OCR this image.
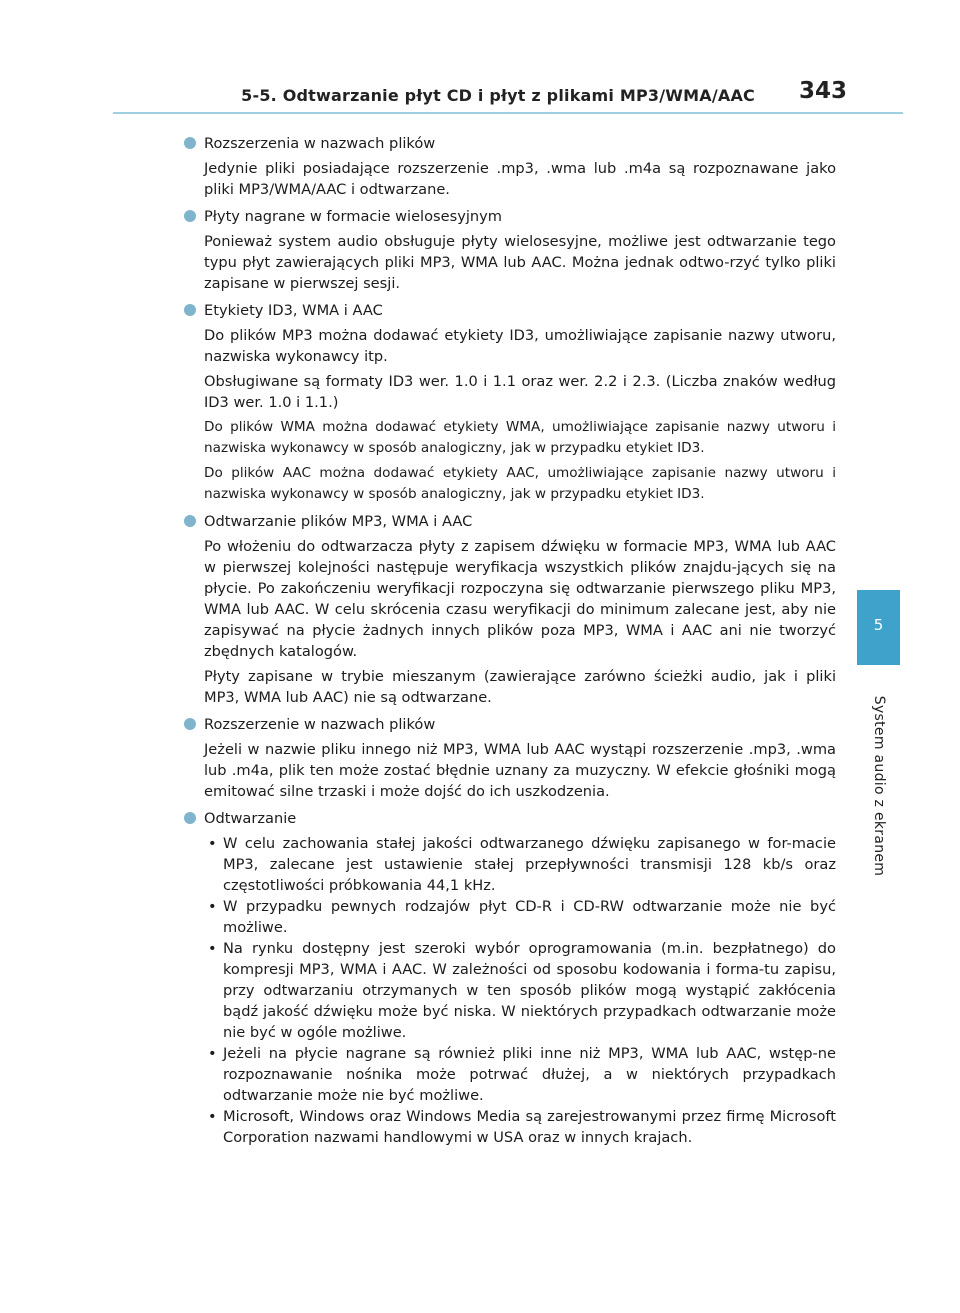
5-5. Odtwarzanie płyt CD i płyt z plikami MP3/WMA/AAC 343
5
System audio z ekranem

Rozszerzenia w nazwach plików

Jedynie pliki posiadające rozszerzenie .mp3, .wma lub .m4a są rozpoznawane jako pliki MP3/WMA/AAC i odtwarzane.

Płyty nagrane w formacie wielosesyjnym

Ponieważ system audio obsługuje płyty wielosesyjne, możliwe jest odtwarzanie tego typu płyt zawierających pliki MP3, WMA lub AAC. Można jednak odtwo-rzyć tylko pliki zapisane w pierwszej sesji.

Etykiety ID3, WMA i AAC

Do plików MP3 można dodawać etykiety ID3, umożliwiające zapisanie nazwy utworu, nazwiska wykonawcy itp.

Obsługiwane są formaty ID3 wer. 1.0 i 1.1 oraz wer. 2.2 i 2.3. (Liczba znaków według ID3 wer. 1.0 i 1.1.)

Do plików WMA można dodawać etykiety WMA, umożliwiające zapisanie nazwy utworu i nazwiska wykonawcy w sposób analogiczny, jak w przypadku etykiet ID3.

Do plików AAC można dodawać etykiety AAC, umożliwiające zapisanie nazwy utworu i nazwiska wykonawcy w sposób analogiczny, jak w przypadku etykiet ID3.

Odtwarzanie plików MP3, WMA i AAC

Po włożeniu do odtwarzacza płyty z zapisem dźwięku w formacie MP3, WMA lub AAC w pierwszej kolejności następuje weryfikacja wszystkich plików znajdu-jących się na płycie. Po zakończeniu weryfikacji rozpoczyna się odtwarzanie pierwszego pliku MP3, WMA lub AAC. W celu skrócenia czasu weryfikacji do minimum zalecane jest, aby nie zapisywać na płycie żadnych innych plików poza MP3, WMA i AAC ani nie tworzyć zbędnych katalogów.

Płyty zapisane w trybie mieszanym (zawierające zarówno ścieżki audio, jak i pliki MP3, WMA lub AAC) nie są odtwarzane.

Rozszerzenie w nazwach plików

Jeżeli w nazwie pliku innego niż MP3, WMA lub AAC wystąpi rozszerzenie .mp3, .wma lub .m4a, plik ten może zostać błędnie uznany za muzyczny. W efekcie głośniki mogą emitować silne trzaski i może dojść do ich uszkodzenia.

Odtwarzanie

• W celu zachowania stałej jakości odtwarzanego dźwięku zapisanego w for-macie MP3, zalecane jest ustawienie stałej przepływności transmisji 128 kb/s oraz częstotliwości próbkowania 44,1 kHz.
• W przypadku pewnych rodzajów płyt CD-R i CD-RW odtwarzanie może nie być możliwe.
• Na rynku dostępny jest szeroki wybór oprogramowania (m.in. bezpłatnego) do kompresji MP3, WMA i AAC. W zależności od sposobu kodowania i forma-tu zapisu, przy odtwarzaniu otrzymanych w ten sposób plików mogą wystąpić zakłócenia bądź jakość dźwięku może być niska. W niektórych przypadkach odtwarzanie może nie być w ogóle możliwe.
• Jeżeli na płycie nagrane są również pliki inne niż MP3, WMA lub AAC, wstęp-ne rozpoznawanie nośnika może potrwać dłużej, a w niektórych przypadkach odtwarzanie może nie być możliwe.
• Microsoft, Windows oraz Windows Media są zarejestrowanymi przez firmę Microsoft Corporation nazwami handlowymi w USA oraz w innych krajach.
